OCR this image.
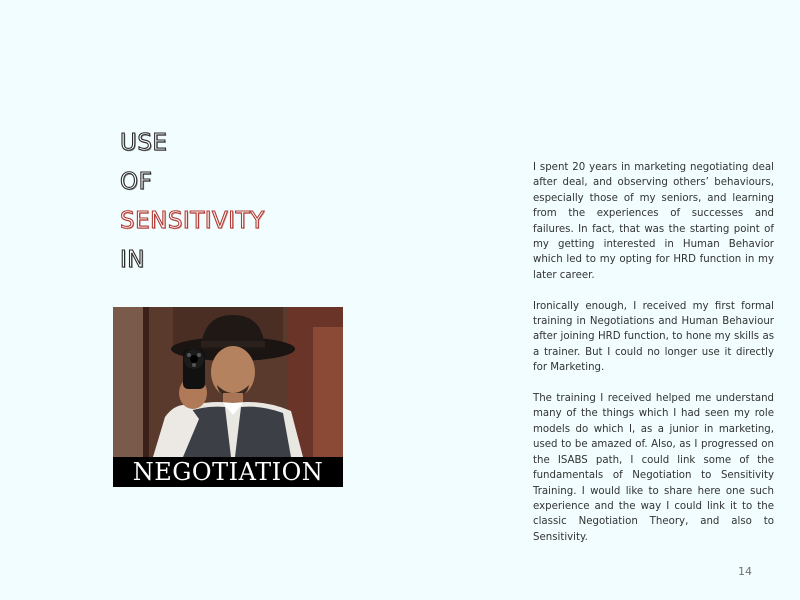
USE
OF
SENSITIVITY
IN
NEGOTIATION

I spent 20 years in marketing negotiating deal after deal, and observing others’ behaviours, especially those of my seniors, and learning from the experiences of successes and failures. In fact, that was the starting point of my getting interested in Human Behavior which led to my opting for HRD function in my later career.

Ironically enough, I received my first formal training in Negotiations and Human Behaviour after joining HRD function, to hone my skills as a trainer. But I could no longer use it directly for Marketing.

The training I received helped me understand many of the things which I had seen my role models do which I, as a junior in marketing, used to be amazed of. Also, as I progressed on the ISABS path, I could link some of the fundamentals of Negotiation to Sensitivity Training. I would like to share here one such experience and the way I could link it to the classic Negotiation Theory, and also to Sensitivity.

14
